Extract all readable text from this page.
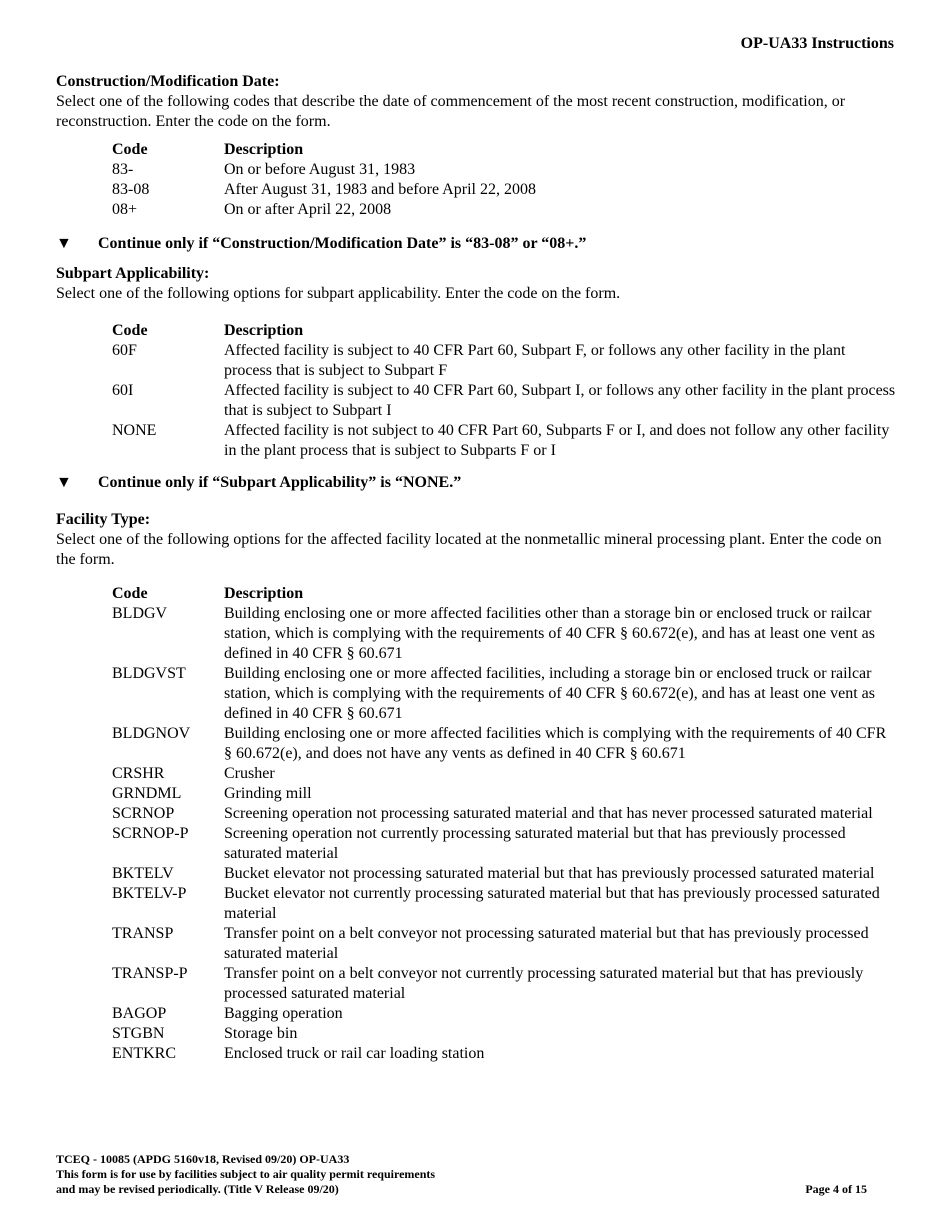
OP-UA33 Instructions
Construction/Modification Date:
Select one of the following codes that describe the date of commencement of the most recent construction, modification, or reconstruction. Enter the code on the form.
Code	Description
83-	On or before August 31, 1983
83-08	After August 31, 1983 and before April 22, 2008
08+	On or after April 22, 2008
▼	Continue only if “Construction/Modification Date” is “83-08” or “08+.”
Subpart Applicability:
Select one of the following options for subpart applicability. Enter the code on the form.
Code	Description
60F	Affected facility is subject to 40 CFR Part 60, Subpart F, or follows any other facility in the plant process that is subject to Subpart F
60I	Affected facility is subject to 40 CFR Part 60, Subpart I, or follows any other facility in the plant process that is subject to Subpart I
NONE	Affected facility is not subject to 40 CFR Part 60, Subparts F or I, and does not follow any other facility in the plant process that is subject to Subparts F or I
▼	Continue only if “Subpart Applicability” is “NONE.”
Facility Type:
Select one of the following options for the affected facility located at the nonmetallic mineral processing plant. Enter the code on the form.
Code	Description
BLDGV	Building enclosing one or more affected facilities other than a storage bin or enclosed truck or railcar station, which is complying with the requirements of 40 CFR § 60.672(e), and has at least one vent as defined in 40 CFR § 60.671
BLDGVST	Building enclosing one or more affected facilities, including a storage bin or enclosed truck or railcar station, which is complying with the requirements of 40 CFR § 60.672(e), and has at least one vent as defined in 40 CFR § 60.671
BLDGNOV	Building enclosing one or more affected facilities which is complying with the requirements of 40 CFR § 60.672(e), and does not have any vents as defined in 40 CFR § 60.671
CRSHR	Crusher
GRNDML	Grinding mill
SCRNOP	Screening operation not processing saturated material and that has never processed saturated material
SCRNOP-P	Screening operation not currently processing saturated material but that has previously processed saturated material
BKTELV	Bucket elevator not processing saturated material but that has previously processed saturated material
BKTELV-P	Bucket elevator not currently processing saturated material but that has previously processed saturated material
TRANSP	Transfer point on a belt conveyor not processing saturated material but that has previously processed saturated material
TRANSP-P	Transfer point on a belt conveyor not currently processing saturated material but that has previously processed saturated material
BAGOP	Bagging operation
STGBN	Storage bin
ENTKRC	Enclosed truck or rail car loading station
TCEQ - 10085 (APDG 5160v18, Revised 09/20) OP-UA33
This form is for use by facilities subject to air quality permit requirements
and may be revised periodically. (Title V Release 09/20)	Page 4 of 15
